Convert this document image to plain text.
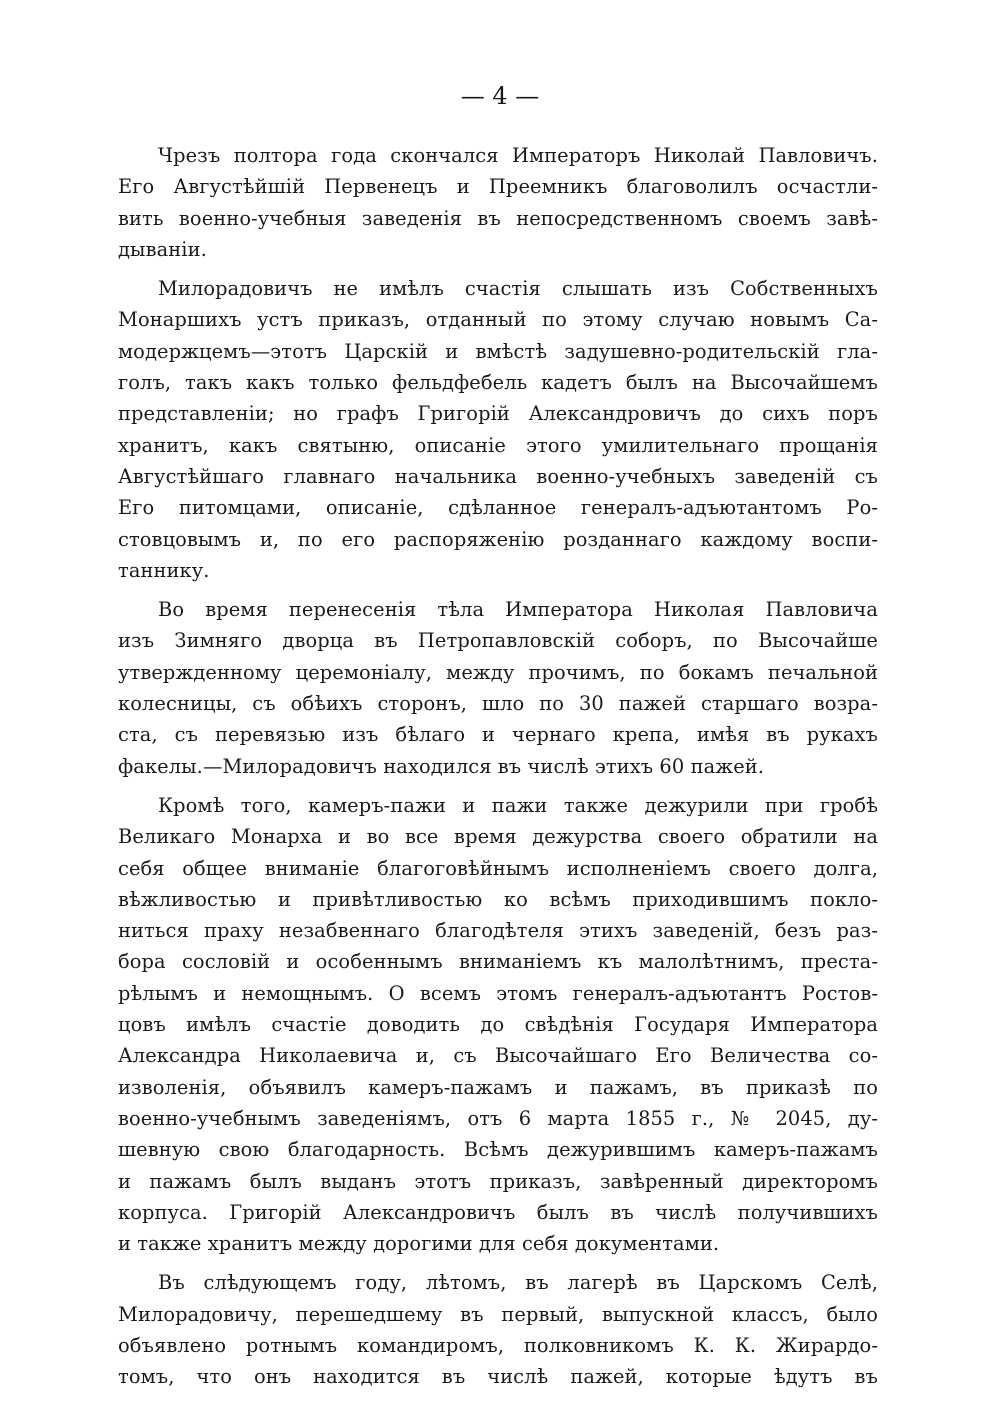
— 4 —
Чрезъ полтора года скончался Императоръ Николай Павловичъ.
Его Августѣйшій Первенецъ и Преемникъ благоволилъ осчастли-
вить военно-учебныя заведенія въ непосредственномъ своемъ завѣ-
дываніи.
Милорадовичъ не имѣлъ счастія слышать изъ Собственныхъ
Монаршихъ устъ приказъ, отданный по этому случаю новымъ Са-
модержцемъ—этотъ Царскій и вмѣстѣ задушевно-родительскій гла-
голъ, такъ какъ только фельдфебель кадетъ былъ на Высочайшемъ
представленіи; но графъ Григорій Александровичъ до сихъ поръ
хранитъ, какъ святыню, описаніе этого умилительнаго прощанія
Августѣйшаго главнаго начальника военно-учебныхъ заведеній съ
Его питомцами, описаніе, сдѣланное генералъ-адъютантомъ Ро-
стовцовымъ и, по его распоряженію розданнаго каждому воспи-
таннику.
Во время перенесенія тѣла Императора Николая Павловича
изъ Зимняго дворца въ Петропавловскій соборъ, по Высочайше
утвержденному церемоніалу, между прочимъ, по бокамъ печальной
колесницы, съ обѣихъ сторонъ, шло по 30 пажей старшаго возра-
ста, съ перевязью изъ бѣлаго и чернаго крепа, имѣя въ рукахъ
факелы.—Милорадовичъ находился въ числѣ этихъ 60 пажей.
Кромѣ того, камеръ-пажи и пажи также дежурили при гробѣ
Великаго Монарха и во все время дежурства своего обратили на
себя общее вниманіе благоговѣйнымъ исполненіемъ своего долга,
вѣжливостью и привѣтливостью ко всѣмъ приходившимъ покло-
ниться праху незабвеннаго благодѣтеля этихъ заведеній, безъ раз-
бора сословій и особеннымъ вниманіемъ къ малолѣтнимъ, преста-
рѣлымъ и немощнымъ. О всемъ этомъ генералъ-адъютантъ Ростов-
цовъ имѣлъ счастіе доводить до свѣдѣнія Государя Императора
Александра Николаевича и, съ Высочайшаго Его Величества со-
изволенія, объявилъ камеръ-пажамъ и пажамъ, въ приказѣ по
военно-учебнымъ заведеніямъ, отъ 6 марта 1855 г., № 2045, ду-
шевную свою благодарность. Всѣмъ дежурившимъ камеръ-пажамъ
и пажамъ былъ выданъ этотъ приказъ, завѣренный директоромъ
корпуса. Григорій Александровичъ былъ въ числѣ получившихъ
и также хранитъ между дорогими для себя документами.
Въ слѣдующемъ году, лѣтомъ, въ лагерѣ въ Царскомъ Селѣ,
Милорадовичу, перешедшему въ первый, выпускной классъ, было
объявлено ротнымъ командиромъ, полковникомъ К. К. Жирардо-
томъ, что онъ находится въ числѣ пажей, которые ѣдутъ въ
